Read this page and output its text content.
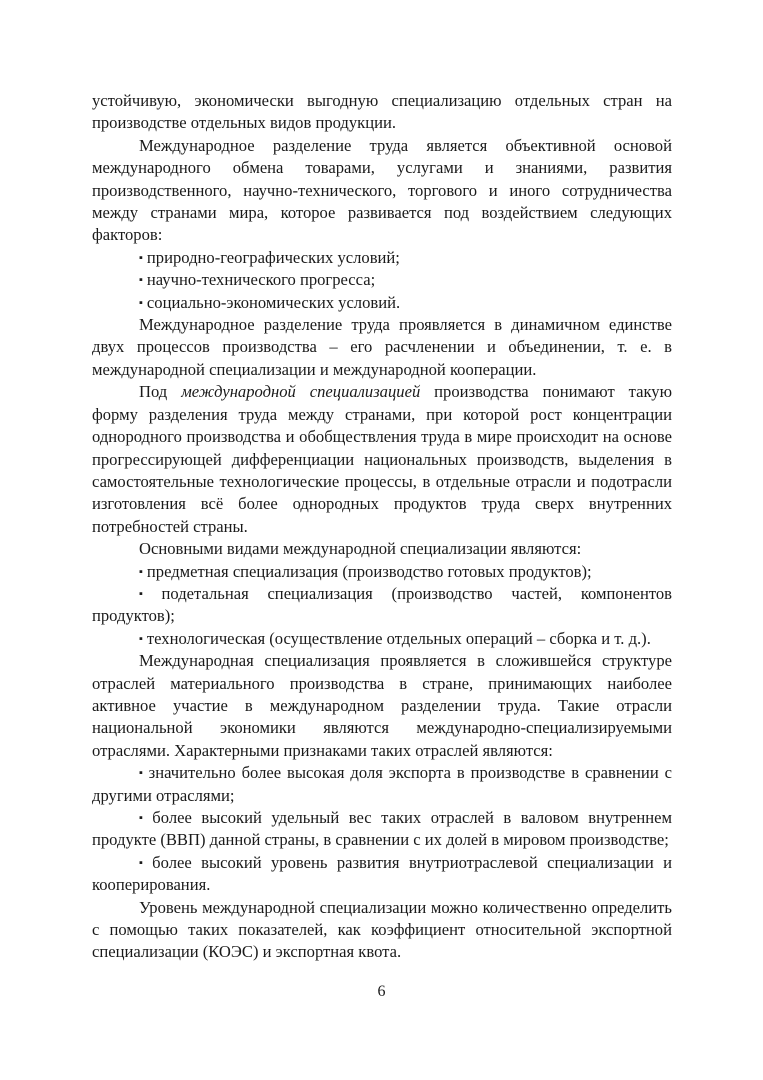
устойчивую, экономически выгодную специализацию отдельных стран на производстве отдельных видов продукции.

Международное разделение труда является объективной основой международного обмена товарами, услугами и знаниями, развития производственного, научно-технического, торгового и иного сотрудничества между странами мира, которое развивается под воздействием следующих факторов:

▪ природно-географических условий;

▪ научно-технического прогресса;

▪ социально-экономических условий.

Международное разделение труда проявляется в динамичном единстве двух процессов производства – его расчленении и объединении, т. е. в международной специализации и международной кооперации.

Под международной специализацией производства понимают такую форму разделения труда между странами, при которой рост концентрации однородного производства и обобществления труда в мире происходит на основе прогрессирующей дифференциации национальных производств, выделения в самостоятельные технологические процессы, в отдельные отрасли и подотрасли изготовления всё более однородных продуктов труда сверх внутренних потребностей страны.

Основными видами международной специализации являются:

▪ предметная специализация (производство готовых продуктов);

▪ подетальная специализация (производство частей, компонентов продуктов);

▪ технологическая (осуществление отдельных операций – сборка и т. д.).

Международная специализация проявляется в сложившейся структуре отраслей материального производства в стране, принимающих наиболее активное участие в международном разделении труда. Такие отрасли национальной экономики являются международно-специализируемыми отраслями. Характерными признаками таких отраслей являются:

▪ значительно более высокая доля экспорта в производстве в сравнении с другими отраслями;

▪ более высокий удельный вес таких отраслей в валовом внутреннем продукте (ВВП) данной страны, в сравнении с их долей в мировом производстве;

▪ более высокий уровень развития внутриотраслевой специализации и кооперирования.

Уровень международной специализации можно количественно определить с помощью таких показателей, как коэффициент относительной экспортной специализации (КОЭС) и экспортная квота.

6
